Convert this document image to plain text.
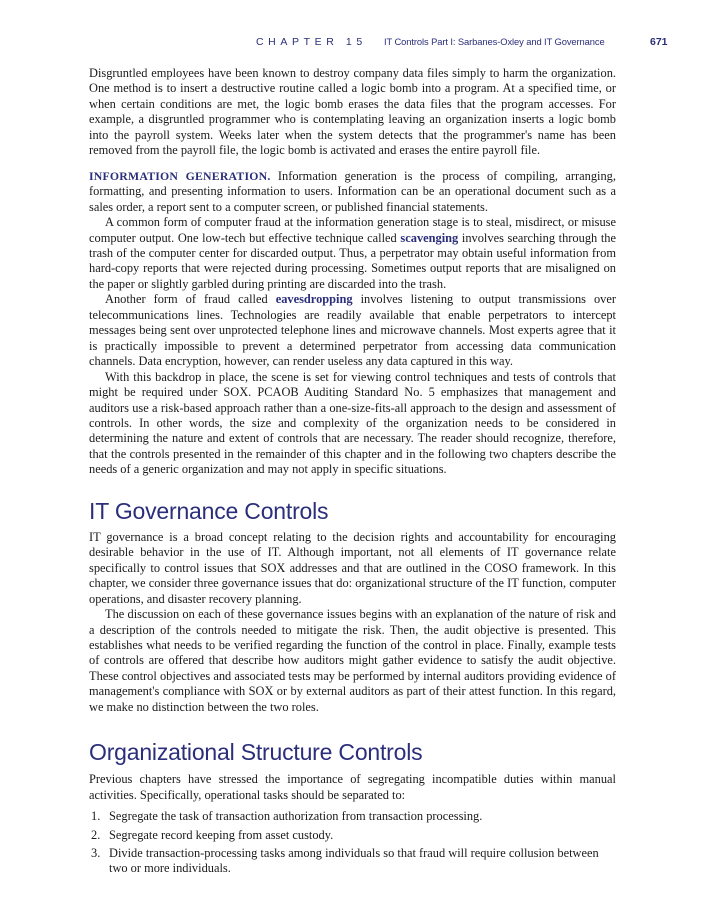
CHAPTER 15 IT Controls Part I: Sarbanes-Oxley and IT Governance	671

Disgruntled employees have been known to destroy company data files simply to harm the organization. One method is to insert a destructive routine called a logic bomb into a program. At a specified time, or when certain conditions are met, the logic bomb erases the data files that the program accesses. For example, a disgruntled programmer who is contemplating leaving an organization inserts a logic bomb into the payroll system. Weeks later when the system detects that the programmer's name has been removed from the payroll file, the logic bomb is activated and erases the entire payroll file.

INFORMATION GENERATION. Information generation is the process of compiling, arranging, formatting, and presenting information to users. Information can be an operational document such as a sales order, a report sent to a computer screen, or published financial statements.

A common form of computer fraud at the information generation stage is to steal, misdirect, or misuse computer output. One low-tech but effective technique called scavenging involves searching through the trash of the computer center for discarded output. Thus, a perpetrator may obtain useful information from hard-copy reports that were rejected during processing. Sometimes output reports that are misaligned on the paper or slightly garbled during printing are discarded into the trash.

Another form of fraud called eavesdropping involves listening to output transmissions over telecommunications lines. Technologies are readily available that enable perpetrators to intercept messages being sent over unprotected telephone lines and microwave channels. Most experts agree that it is practically impossible to prevent a determined perpetrator from accessing data communication channels. Data encryption, however, can render useless any data captured in this way.

With this backdrop in place, the scene is set for viewing control techniques and tests of controls that might be required under SOX. PCAOB Auditing Standard No. 5 emphasizes that management and auditors use a risk-based approach rather than a one-size-fits-all approach to the design and assessment of controls. In other words, the size and complexity of the organization needs to be considered in determining the nature and extent of controls that are necessary. The reader should recognize, therefore, that the controls presented in the remainder of this chapter and in the following two chapters describe the needs of a generic organization and may not apply in specific situations.

IT Governance Controls

IT governance is a broad concept relating to the decision rights and accountability for encouraging desirable behavior in the use of IT. Although important, not all elements of IT governance relate specifically to control issues that SOX addresses and that are outlined in the COSO framework. In this chapter, we consider three governance issues that do: organizational structure of the IT function, computer operations, and disaster recovery planning.

The discussion on each of these governance issues begins with an explanation of the nature of risk and a description of the controls needed to mitigate the risk. Then, the audit objective is presented. This establishes what needs to be verified regarding the function of the control in place. Finally, example tests of controls are offered that describe how auditors might gather evidence to satisfy the audit objective. These control objectives and associated tests may be performed by internal auditors providing evidence of management's compliance with SOX or by external auditors as part of their attest function. In this regard, we make no distinction between the two roles.

Organizational Structure Controls

Previous chapters have stressed the importance of segregating incompatible duties within manual activities. Specifically, operational tasks should be separated to:

1. Segregate the task of transaction authorization from transaction processing.
2. Segregate record keeping from asset custody.
3. Divide transaction-processing tasks among individuals so that fraud will require collusion between two or more individuals.
